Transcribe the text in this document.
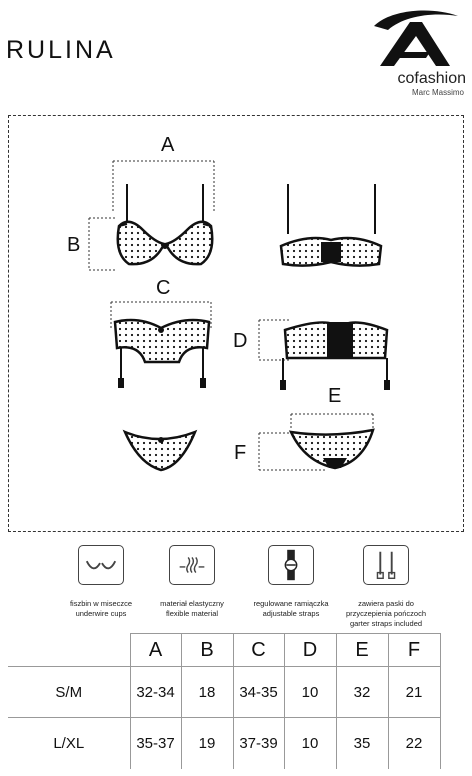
RULINA
cofashion
Marc Massimo
A
B
C
D
E
F
fiszbin w miseczce
underwire cups
materiał elastyczny
flexible material
regulowane ramiączka
adjustable straps
zawiera paski do
przyczepienia pończoch
garter straps included
	A	B	C	D	E	F
S/M	32-34	18	34-35	10	32	21
L/XL	35-37	19	37-39	10	35	22
